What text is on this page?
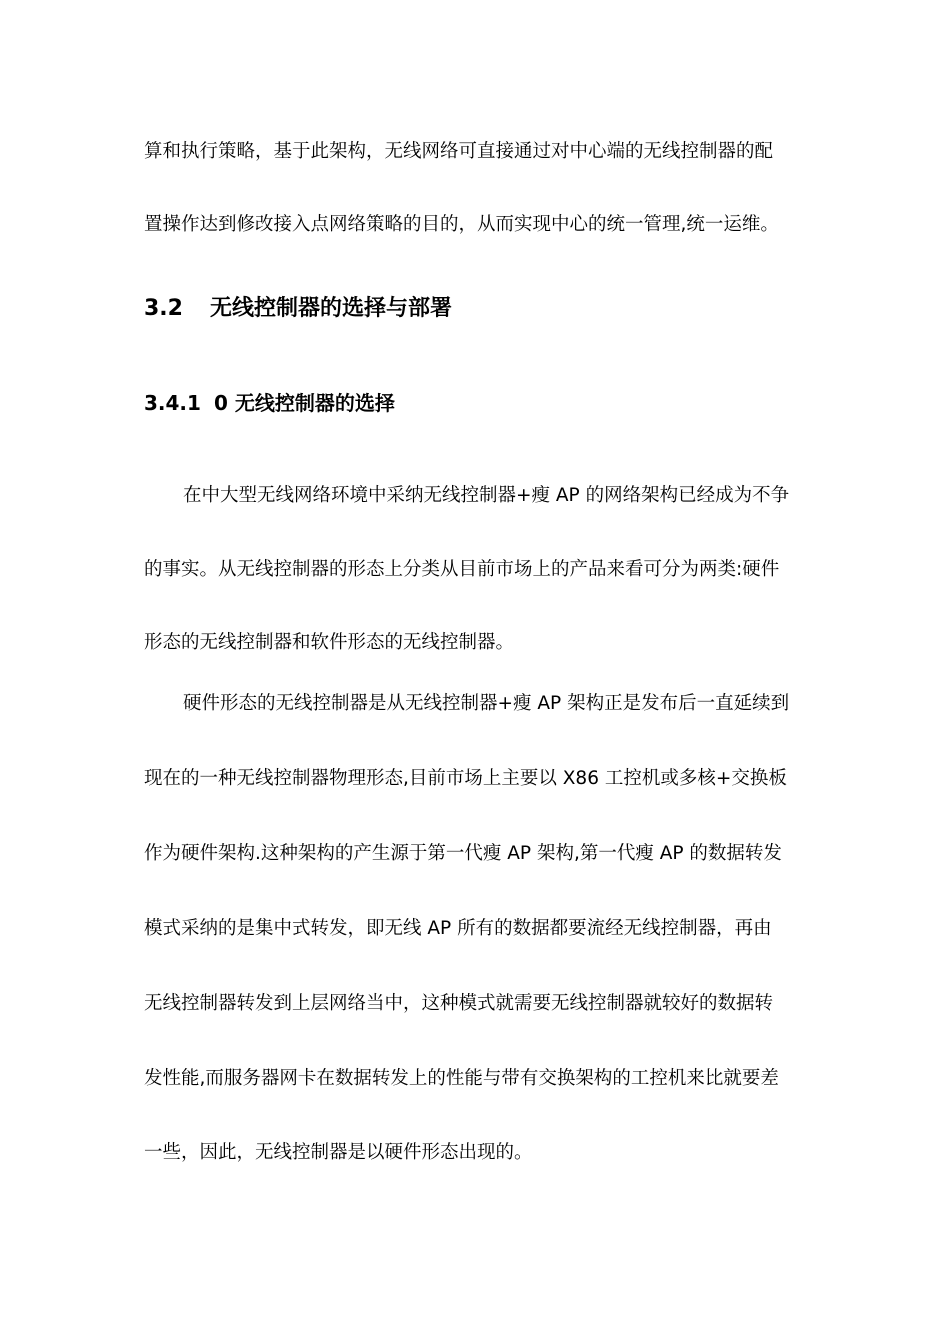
算和执行策略，基于此架构，无线网络可直接通过对中心端的无线控制器的配
置操作达到修改接入点网络策略的目的，从而实现中心的统一管理,统一运维。
3.2 无线控制器的选择与部署
3.4.1 0 无线控制器的选择
在中大型无线网络环境中采纳无线控制器+瘦 AP 的网络架构已经成为不争
的事实。从无线控制器的形态上分类从目前市场上的产品来看可分为两类:硬件
形态的无线控制器和软件形态的无线控制器。
硬件形态的无线控制器是从无线控制器+瘦 AP 架构正是发布后一直延续到
现在的一种无线控制器物理形态,目前市场上主要以 X86 工控机或多核+交换板
作为硬件架构.这种架构的产生源于第一代瘦 AP 架构,第一代瘦 AP 的数据转发
模式采纳的是集中式转发，即无线 AP 所有的数据都要流经无线控制器，再由
无线控制器转发到上层网络当中，这种模式就需要无线控制器就较好的数据转
发性能,而服务器网卡在数据转发上的性能与带有交换架构的工控机来比就要差
一些，因此，无线控制器是以硬件形态出现的。
